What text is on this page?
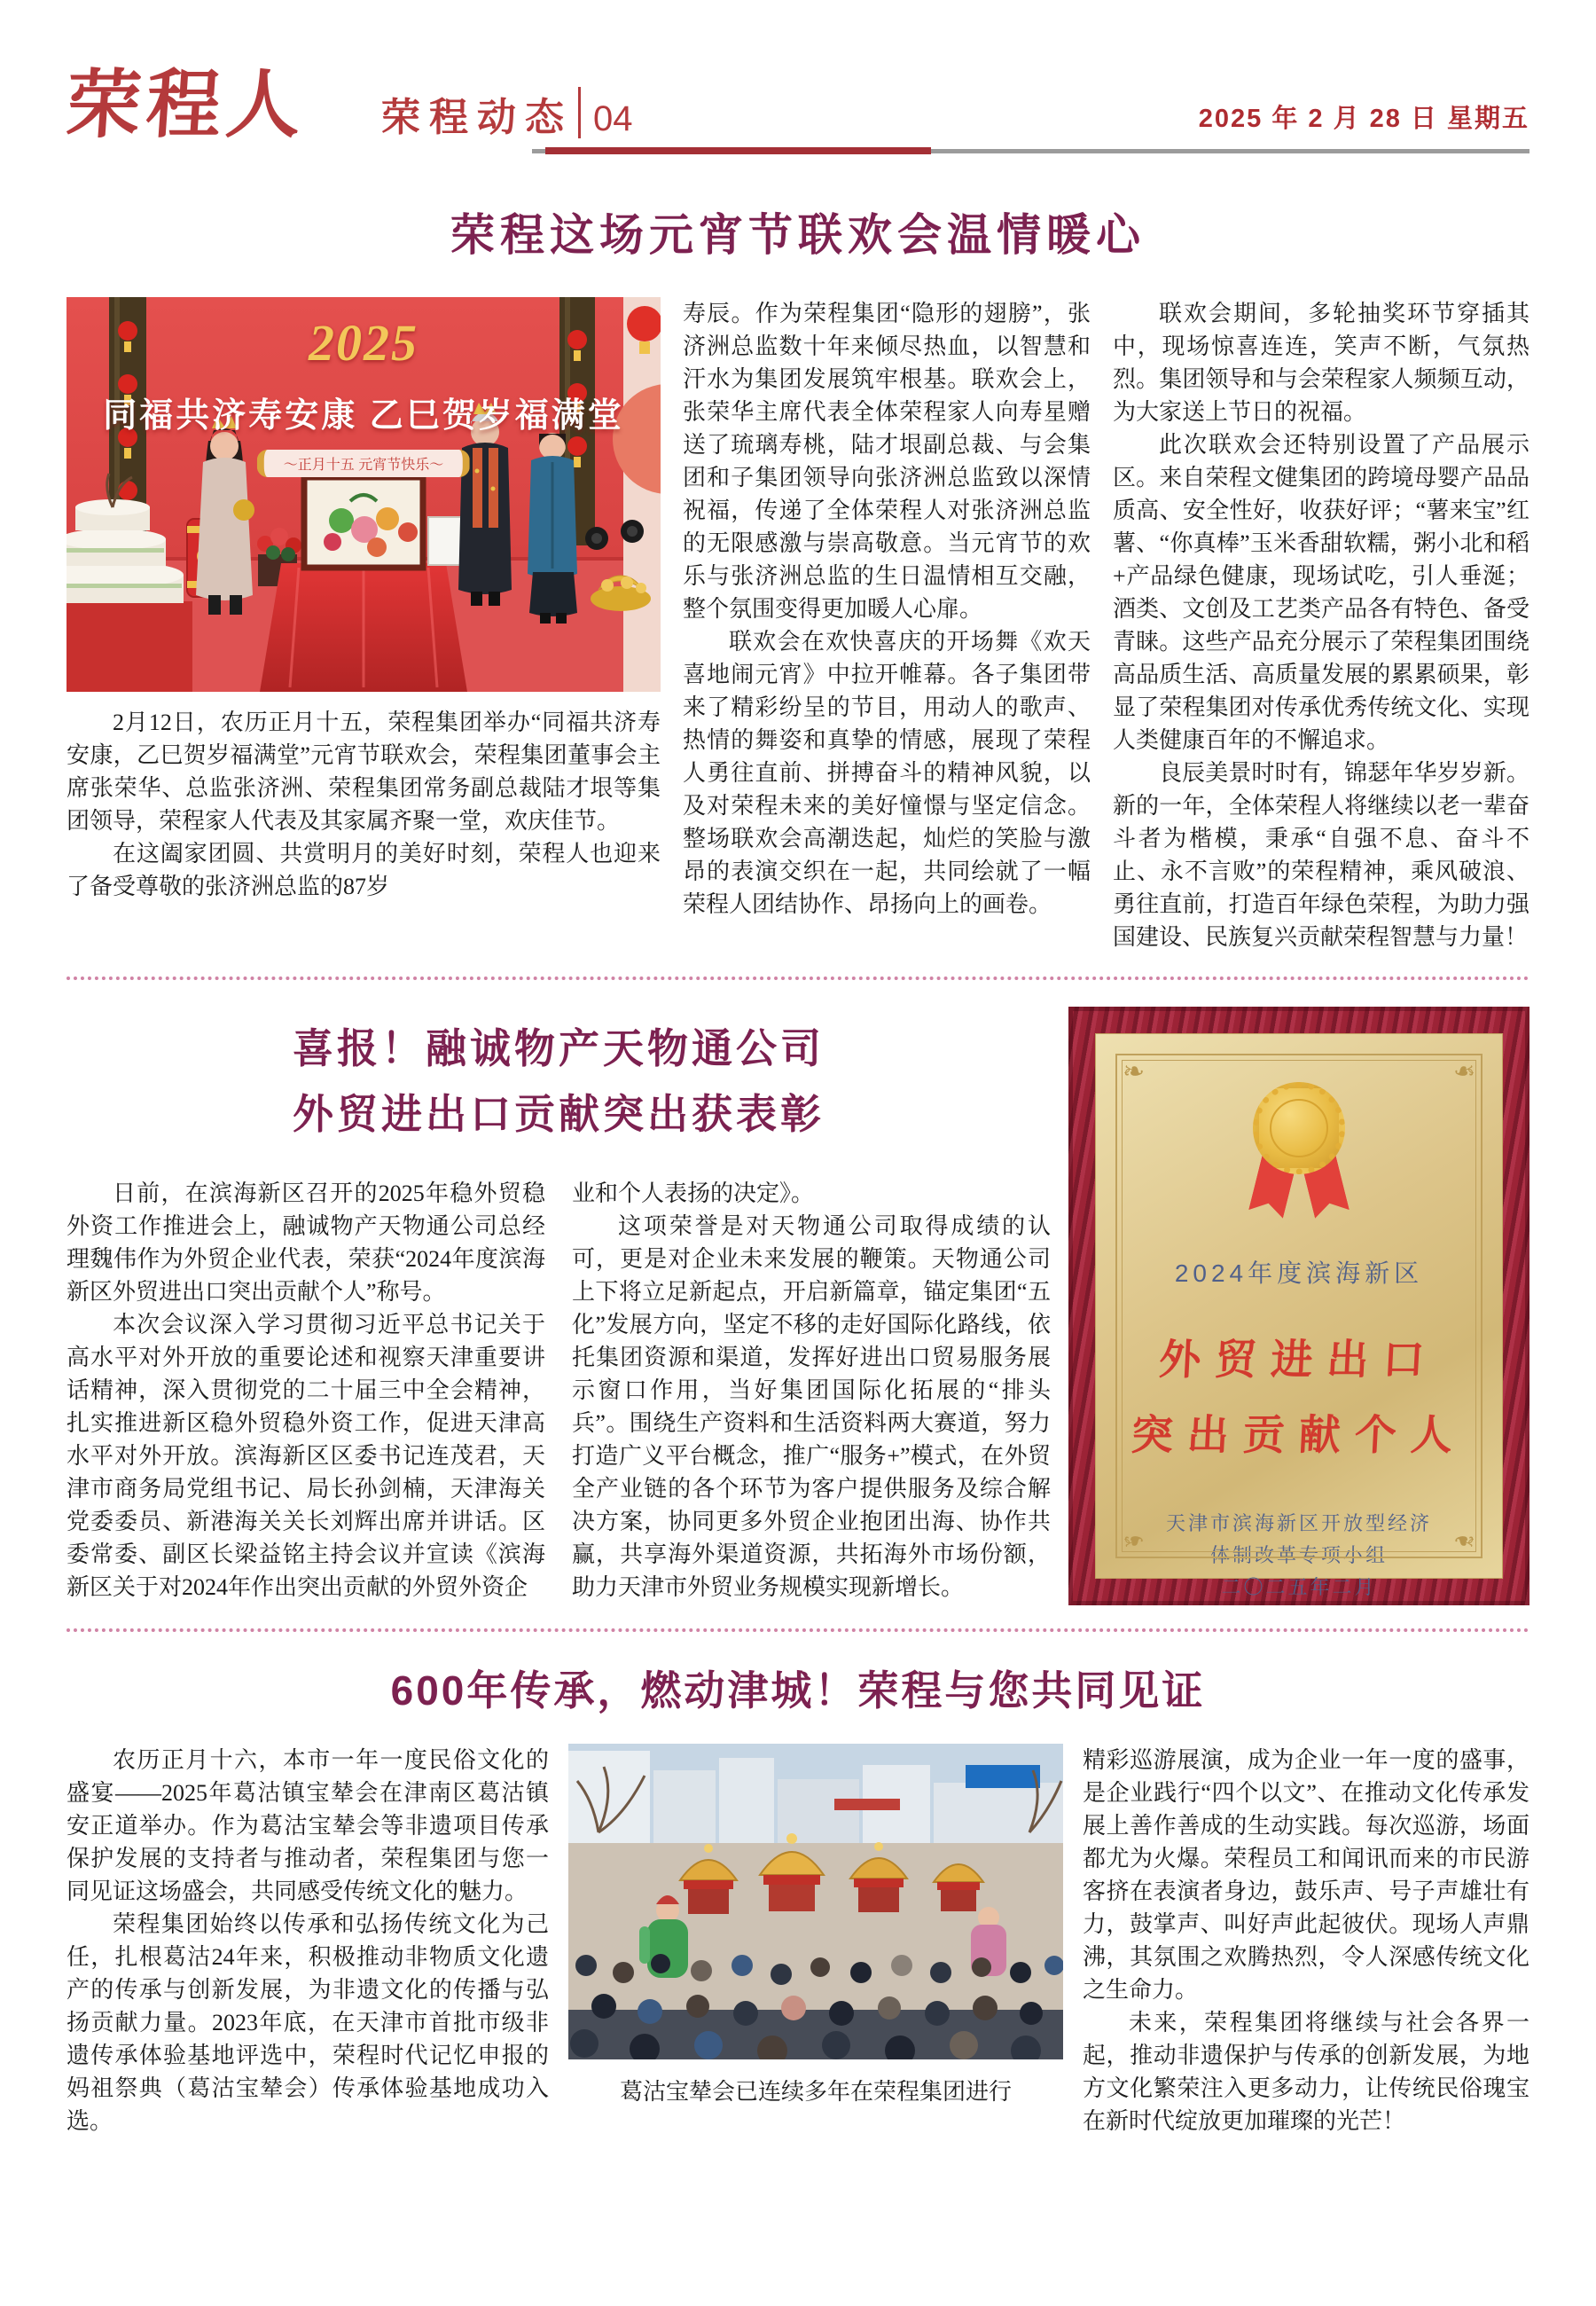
荣程人 荣程动态 04	2025 年 2 月 28 日 星期五
荣程这场元宵节联欢会温情暖心
2025
同福共济寿安康 乙巳贺岁福满堂
～正月十五 元宵节快乐～

2月12日，农历正月十五，荣程集团举办“同福共济寿安康，乙巳贺岁福满堂”元宵节联欢会，荣程集团董事会主席张荣华、总监张济洲、荣程集团常务副总裁陆才垠等集团领导，荣程家人代表及其家属齐聚一堂，欢庆佳节。

在这阖家团圆、共赏明月的美好时刻，荣程人也迎来了备受尊敬的张济洲总监的87岁

寿辰。作为荣程集团“隐形的翅膀”，张济洲总监数十年来倾尽热血，以智慧和汗水为集团发展筑牢根基。联欢会上，张荣华主席代表全体荣程家人向寿星赠送了琉璃寿桃，陆才垠副总裁、与会集团和子集团领导向张济洲总监致以深情祝福，传递了全体荣程人对张济洲总监的无限感激与崇高敬意。当元宵节的欢乐与张济洲总监的生日温情相互交融，整个氛围变得更加暖人心扉。

联欢会在欢快喜庆的开场舞《欢天喜地闹元宵》中拉开帷幕。各子集团带来了精彩纷呈的节目，用动人的歌声、热情的舞姿和真挚的情感，展现了荣程人勇往直前、拼搏奋斗的精神风貌，以及对荣程未来的美好憧憬与坚定信念。整场联欢会高潮迭起，灿烂的笑脸与激昂的表演交织在一起，共同绘就了一幅荣程人团结协作、昂扬向上的画卷。

联欢会期间，多轮抽奖环节穿插其中，现场惊喜连连，笑声不断，气氛热烈。集团领导和与会荣程家人频频互动，为大家送上节日的祝福。

此次联欢会还特别设置了产品展示区。来自荣程文健集团的跨境母婴产品品质高、安全性好，收获好评；“薯来宝”红薯、“你真棒”玉米香甜软糯，粥小北和稻+产品绿色健康，现场试吃，引人垂涎；酒类、文创及工艺类产品各有特色、备受青睐。这些产品充分展示了荣程集团围绕高品质生活、高质量发展的累累硕果，彰显了荣程集团对传承优秀传统文化、实现人类健康百年的不懈追求。

良辰美景时时有，锦瑟年华岁岁新。新的一年，全体荣程人将继续以老一辈奋斗者为楷模，秉承“自强不息、奋斗不止、永不言败”的荣程精神，乘风破浪、勇往直前，打造百年绿色荣程，为助力强国建设、民族复兴贡献荣程智慧与力量！

喜报！融诚物产天物通公司
外贸进出口贡献突出获表彰

日前，在滨海新区召开的2025年稳外贸稳外资工作推进会上，融诚物产天物通公司总经理魏伟作为外贸企业代表，荣获“2024年度滨海新区外贸进出口突出贡献个人”称号。

本次会议深入学习贯彻习近平总书记关于高水平对外开放的重要论述和视察天津重要讲话精神，深入贯彻党的二十届三中全会精神，扎实推进新区稳外贸稳外资工作，促进天津高水平对外开放。滨海新区区委书记连茂君，天津市商务局党组书记、局长孙剑楠，天津海关党委委员、新港海关关长刘辉出席并讲话。区委常委、副区长梁益铭主持会议并宣读《滨海新区关于对2024年作出突出贡献的外贸外资企

业和个人表扬的决定》。

这项荣誉是对天物通公司取得成绩的认可，更是对企业未来发展的鞭策。天物通公司上下将立足新起点，开启新篇章，锚定集团“五化”发展方向，坚定不移的走好国际化路线，依托集团资源和渠道，发挥好进出口贸易服务展示窗口作用，当好集团国际化拓展的“排头兵”。围绕生产资料和生活资料两大赛道，努力打造广义平台概念，推广“服务+”模式，在外贸全产业链的各个环节为客户提供服务及综合解决方案，协同更多外贸企业抱团出海、协作共赢，共享海外渠道资源，共拓海外市场份额，助力天津市外贸业务规模实现新增长。

❧	❧
❧	❧
2024年度滨海新区
外贸进出口
突出贡献个人
天津市滨海新区开放型经济
体制改革专项小组
二〇二五年二月
600年传承，燃动津城！荣程与您共同见证

农历正月十六，本市一年一度民俗文化的盛宴——2025年葛沽镇宝辇会在津南区葛沽镇安正道举办。作为葛沽宝辇会等非遗项目传承保护发展的支持者与推动者，荣程集团与您一同见证这场盛会，共同感受传统文化的魅力。

荣程集团始终以传承和弘扬传统文化为己任，扎根葛沽24年来，积极推动非物质文化遗产的传承与创新发展，为非遗文化的传播与弘扬贡献力量。2023年底，在天津市首批市级非遗传承体验基地评选中，荣程时代记忆申报的妈祖祭典（葛沽宝辇会）传承体验基地成功入选。

葛沽宝辇会已连续多年在荣程集团进行

精彩巡游展演，成为企业一年一度的盛事，是企业践行“四个以文”、在推动文化传承发展上善作善成的生动实践。每次巡游，场面都尤为火爆。荣程员工和闻讯而来的市民游客挤在表演者身边，鼓乐声、号子声雄壮有力，鼓掌声、叫好声此起彼伏。现场人声鼎沸，其氛围之欢腾热烈，令人深感传统文化之生命力。

未来，荣程集团将继续与社会各界一起，推动非遗保护与传承的创新发展，为地方文化繁荣注入更多动力，让传统民俗瑰宝在新时代绽放更加璀璨的光芒！
